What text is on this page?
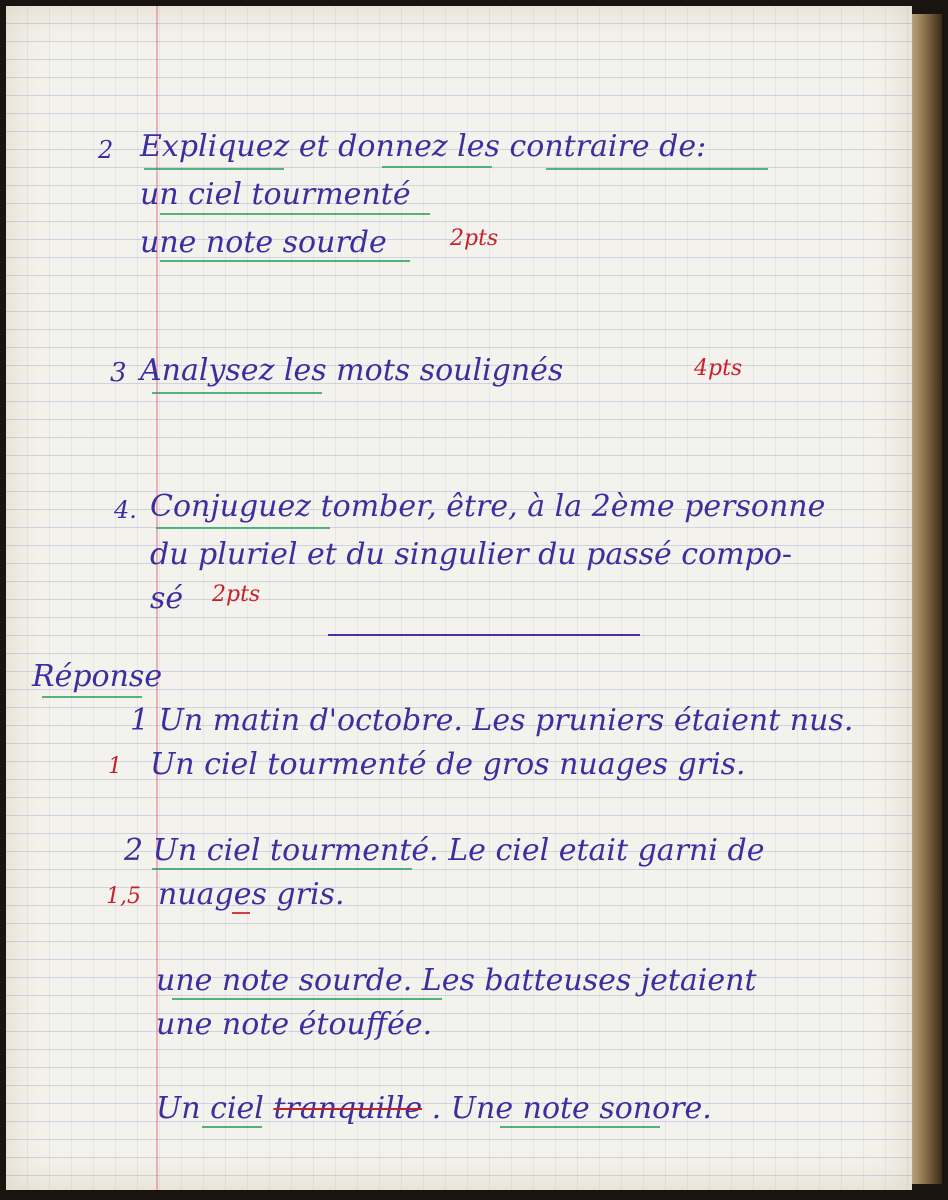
2 Expliquez et donnez les contraire de:
un ciel tourmenté
une note sourde	2pts
3 Analysez les mots soulignés	4pts
4. Conjuguez tomber, être, à la 2ème personne
du pluriel et du singulier du passé compo-
sé 2pts
Réponse
1 Un matin d'octobre. Les pruniers étaient nus.
1 Un ciel tourmenté de gros nuages gris.
2 Un ciel tourmenté. Le ciel etait garni de
1,5 nuages gris.
une note sourde. Les batteuses jetaient
une note étouffée.
Un ciel tranquille . Une note sonore.
